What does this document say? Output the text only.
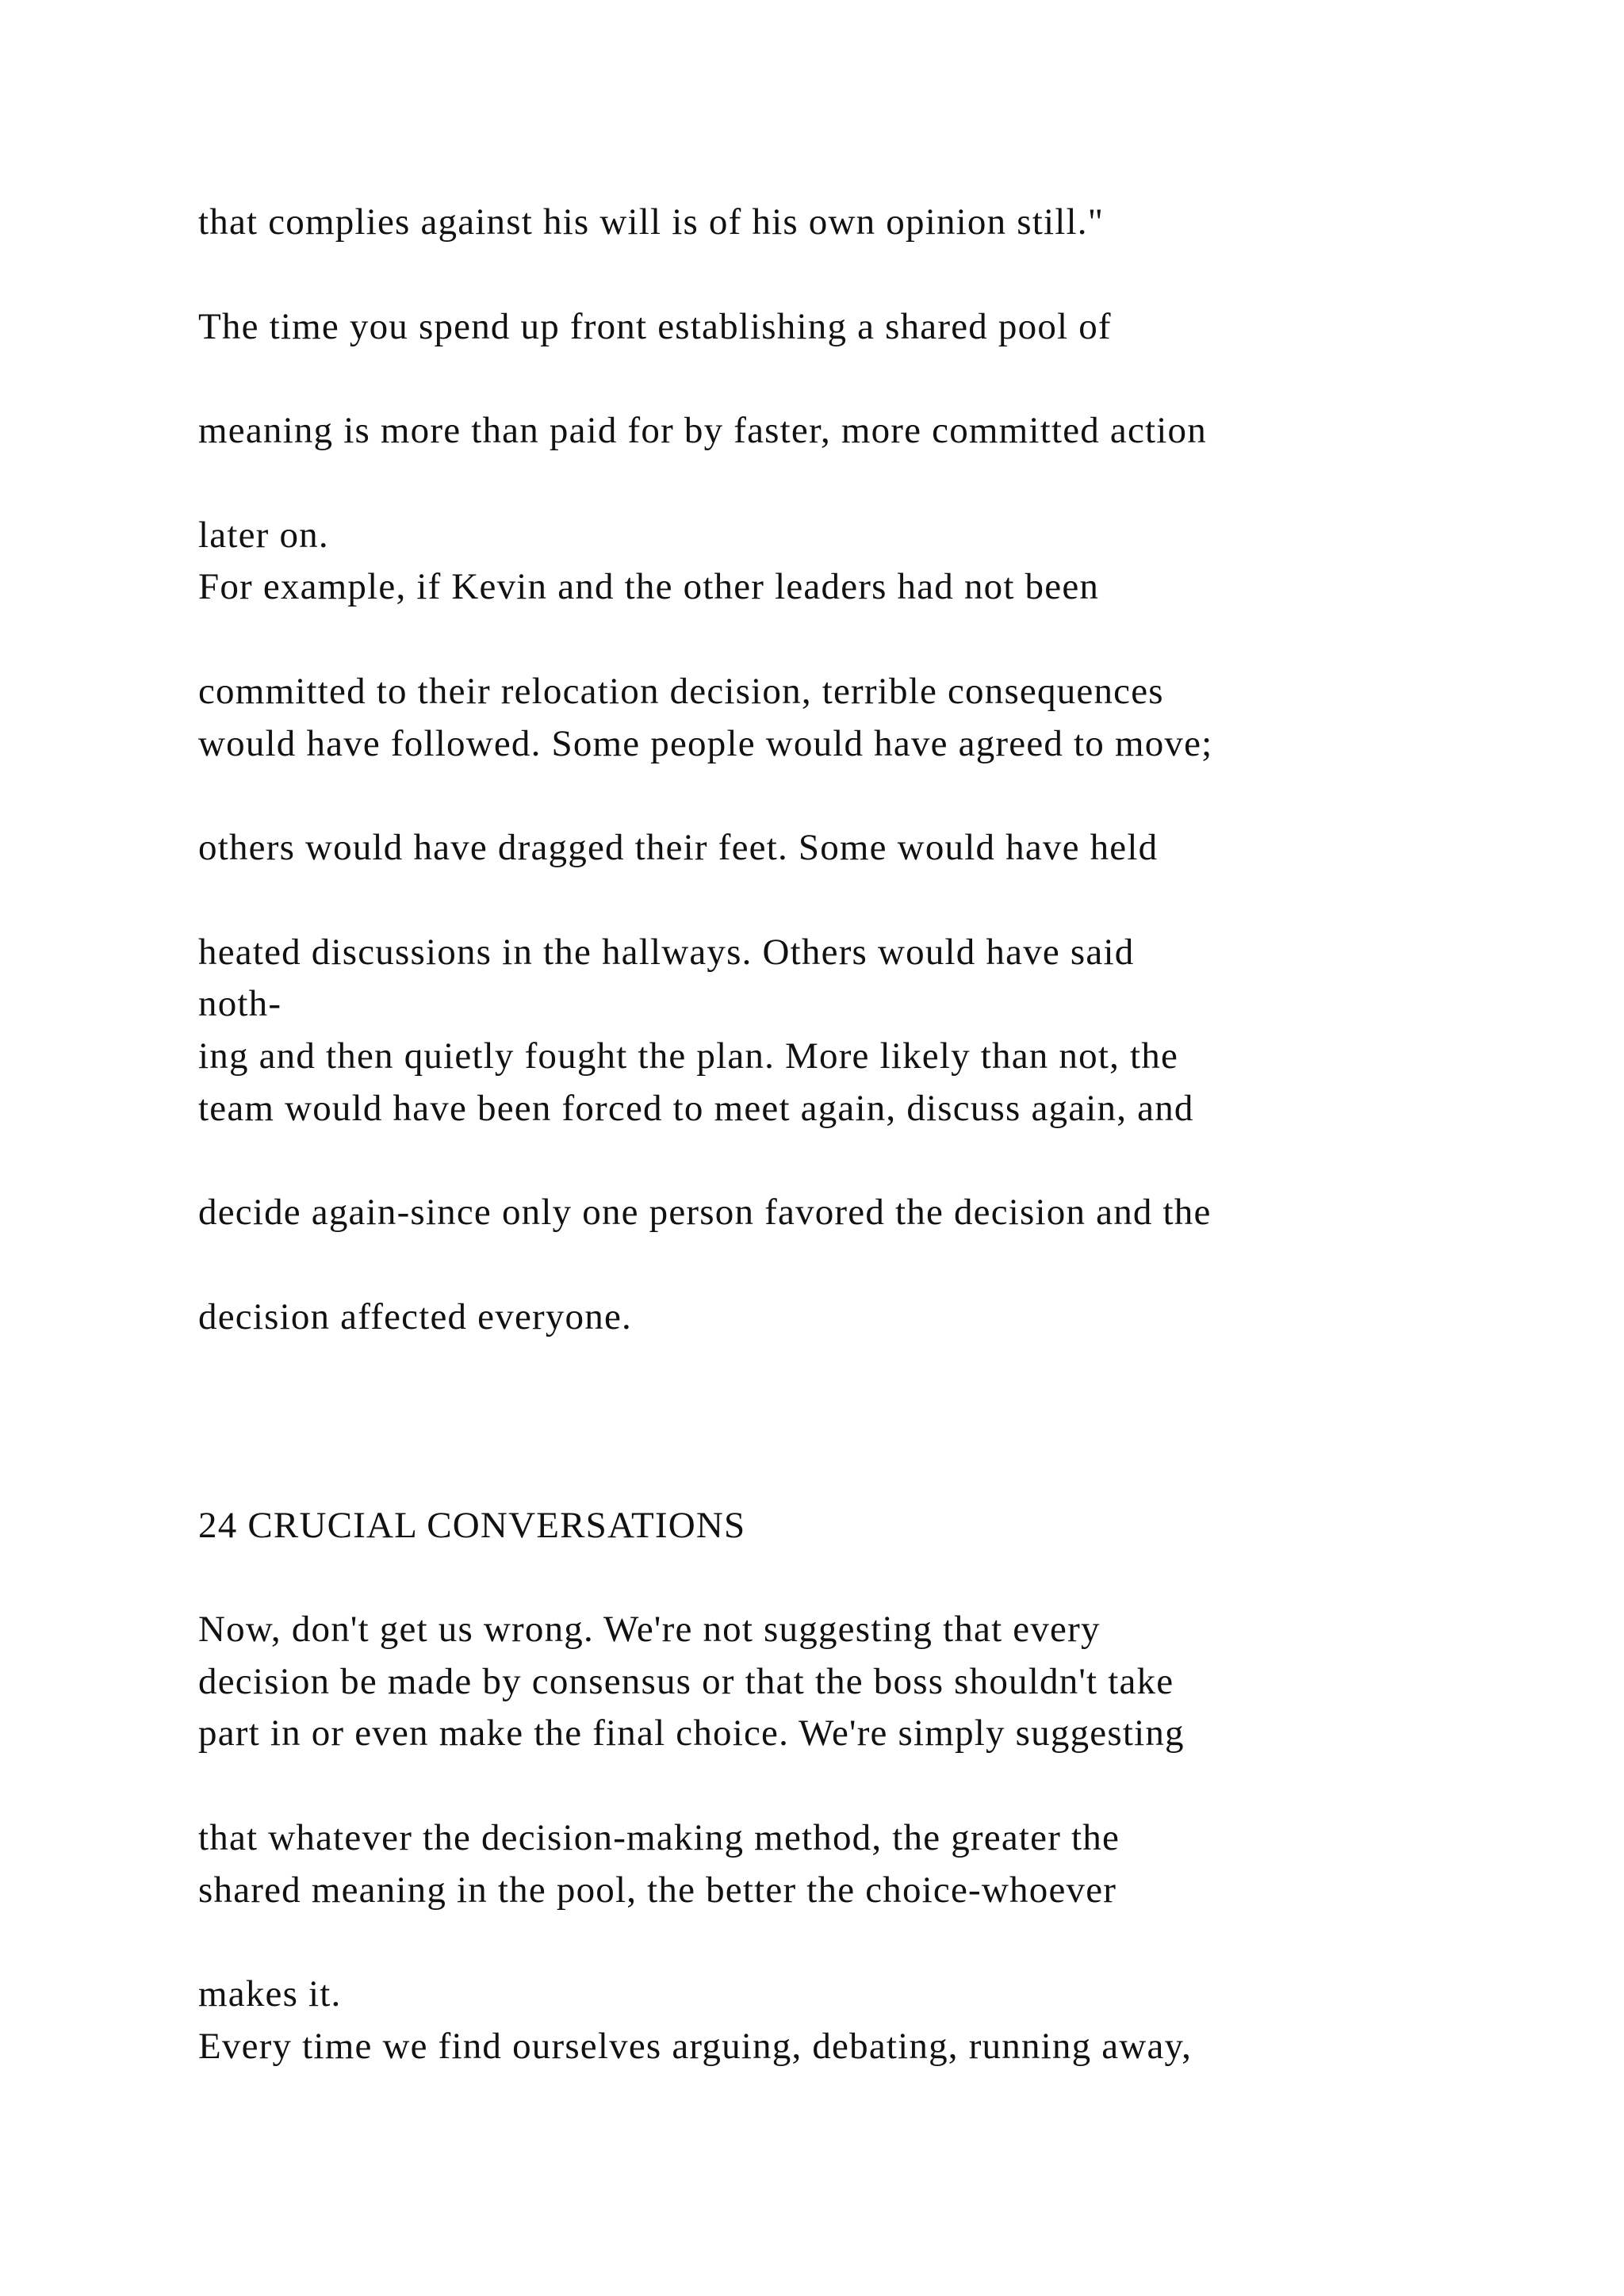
that complies against his will is of his own opinion still."

The time you spend up front establishing a shared pool of

meaning is more than paid for by faster, more committed action

later on.

For example, if Kevin and the other leaders had not been

committed to their relocation decision, terrible consequences

would have followed. Some people would have agreed to move;

others would have dragged their feet. Some would have held

heated discussions in the hallways. Others would have said

noth-

ing and then quietly fought the plan. More likely than not, the

team would have been forced to meet again, discuss again, and

decide again-since only one person favored the decision and the

decision affected everyone.

24 CRUCIAL CONVERSATIONS

Now, don't get us wrong. We're not suggesting that every

decision be made by consensus or that the boss shouldn't take

part in or even make the final choice. We're simply suggesting

that whatever the decision-making method, the greater the

shared meaning in the pool, the better the choice-whoever

makes it.

Every time we find ourselves arguing, debating, running away,
